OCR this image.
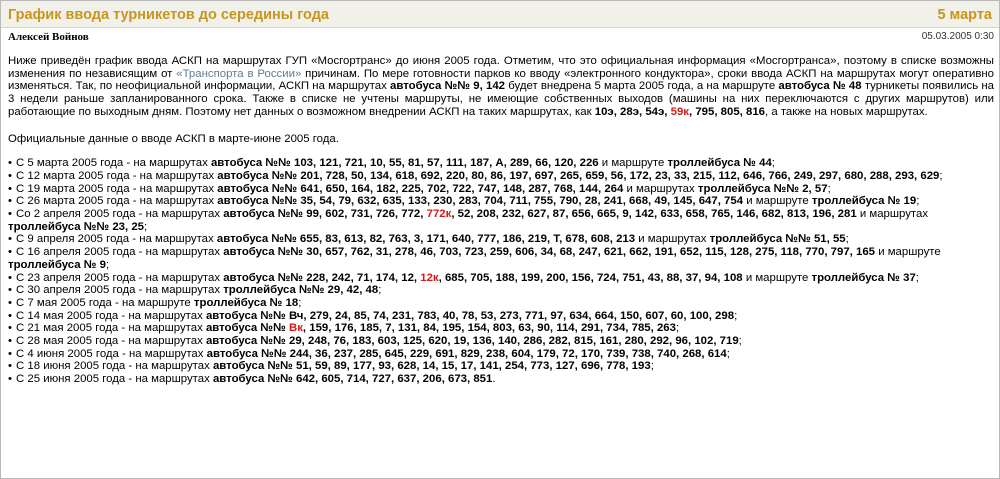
График ввода турникетов до середины года	5 марта
Алексей Войнов	05.03.2005 0:30

Ниже приведён график ввода АСКП на маршрутах ГУП «Мосгортранс» до июня 2005 года. Отметим, что это официальная информация «Мосгортранса», поэтому в списке возможны изменения по независящим от «Транспорта в России» причинам. По мере готовности парков ко вводу «электронного кондуктора», сроки ввода АСКП на маршрутах могут оперативно изменяться. Так, по неофициальной информации, АСКП на маршрутах автобуса №№ 9, 142 будет внедрена 5 марта 2005 года, а на маршруте автобуса № 48 турникеты появились на 3 недели раньше запланированного срока. Также в списке не учтены маршруты, не имеющие собственных выходов (машины на них переключаются с других маршрутов) или работающие по выходным дням. Поэтому нет данных о возможном внедрении АСКП на таких маршрутах, как 10э, 28э, 54э, 59к, 795, 805, 816, а также на новых маршрутах.

Официальные данные о вводе АСКП в марте-июне 2005 года.

• С 5 марта 2005 года - на маршрутах автобуса №№ 103, 121, 721, 10, 55, 81, 57, 111, 187, А, 289, 66, 120, 226 и маршруте троллейбуса № 44;
• С 12 марта 2005 года - на маршрутах автобуса №№ 201, 728, 50, 134, 618, 692, 220, 80, 86, 197, 697, 265, 659, 56, 172, 23, 33, 215, 112, 646, 766, 249, 297, 680, 288, 293, 629;
• С 19 марта 2005 года - на маршрутах автобуса №№ 641, 650, 164, 182, 225, 702, 722, 747, 148, 287, 768, 144, 264 и маршрутах троллейбуса №№ 2, 57;
• С 26 марта 2005 года - на маршрутах автобуса №№ 35, 54, 79, 632, 635, 133, 230, 283, 704, 711, 755, 790, 28, 241, 668, 49, 145, 647, 754 и маршруте троллейбуса № 19;
• Со 2 апреля 2005 года - на маршрутах автобуса №№ 99, 602, 731, 726, 772, 772к, 52, 208, 232, 627, 87, 656, 665, 9, 142, 633, 658, 765, 146, 682, 813, 196, 281 и маршрутах троллейбуса №№ 23, 25;
• С 9 апреля 2005 года - на маршрутах автобуса №№ 655, 83, 613, 82, 763, 3, 171, 640, 777, 186, 219, Т, 678, 608, 213 и маршрутах троллейбуса №№ 51, 55;
• С 16 апреля 2005 года - на маршрутах автобуса №№ 30, 657, 762, 31, 278, 46, 703, 723, 259, 606, 34, 68, 247, 621, 662, 191, 652, 115, 128, 275, 118, 770, 797, 165 и маршруте троллейбуса № 9;
• С 23 апреля 2005 года - на маршрутах автобуса №№ 228, 242, 71, 174, 12, 12к, 685, 705, 188, 199, 200, 156, 724, 751, 43, 88, 37, 94, 108 и маршруте троллейбуса № 37;
• С 30 апреля 2005 года - на маршрутах троллейбуса №№ 29, 42, 48;
• С 7 мая 2005 года - на маршруте троллейбуса № 18;
• С 14 мая 2005 года - на маршрутах автобуса №№ Вч, 279, 24, 85, 74, 231, 783, 40, 78, 53, 273, 771, 97, 634, 664, 150, 607, 60, 100, 298;
• С 21 мая 2005 года - на маршрутах автобуса №№ Вк, 159, 176, 185, 7, 131, 84, 195, 154, 803, 63, 90, 114, 291, 734, 785, 263;
• С 28 мая 2005 года - на маршрутах автобуса №№ 29, 248, 76, 183, 603, 125, 620, 19, 136, 140, 286, 282, 815, 161, 280, 292, 96, 102, 719;
• С 4 июня 2005 года - на маршрутах автобуса №№ 244, 36, 237, 285, 645, 229, 691, 829, 238, 604, 179, 72, 170, 739, 738, 740, 268, 614;
• С 18 июня 2005 года - на маршрутах автобуса №№ 51, 59, 89, 177, 93, 628, 14, 15, 17, 141, 254, 773, 127, 696, 778, 193;
• С 25 июня 2005 года - на маршрутах автобуса №№ 642, 605, 714, 727, 637, 206, 673, 851.
